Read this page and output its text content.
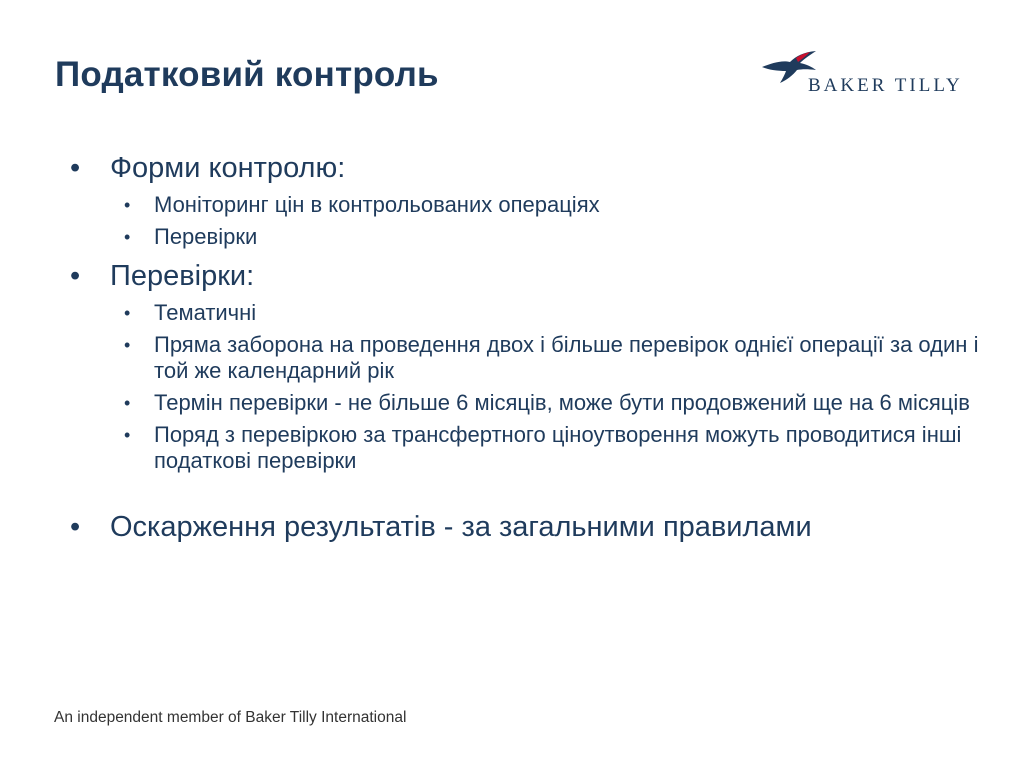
Податковий контроль	BAKER TILLY
• Форми контролю:
• Моніторинг цін в контрольованих операціях
• Перевірки
• Перевірки:
• Тематичні
• Пряма заборона на проведення двох і більше перевірок однієї операції за один і той же календарний рік
• Термін перевірки - не більше 6 місяців, може бути продовжений ще на 6 місяців
• Поряд з перевіркою за трансфертного ціноутворення можуть проводитися інші податкові перевірки
• Оскарження результатів - за загальними правилами
An independent member of Baker Tilly International
